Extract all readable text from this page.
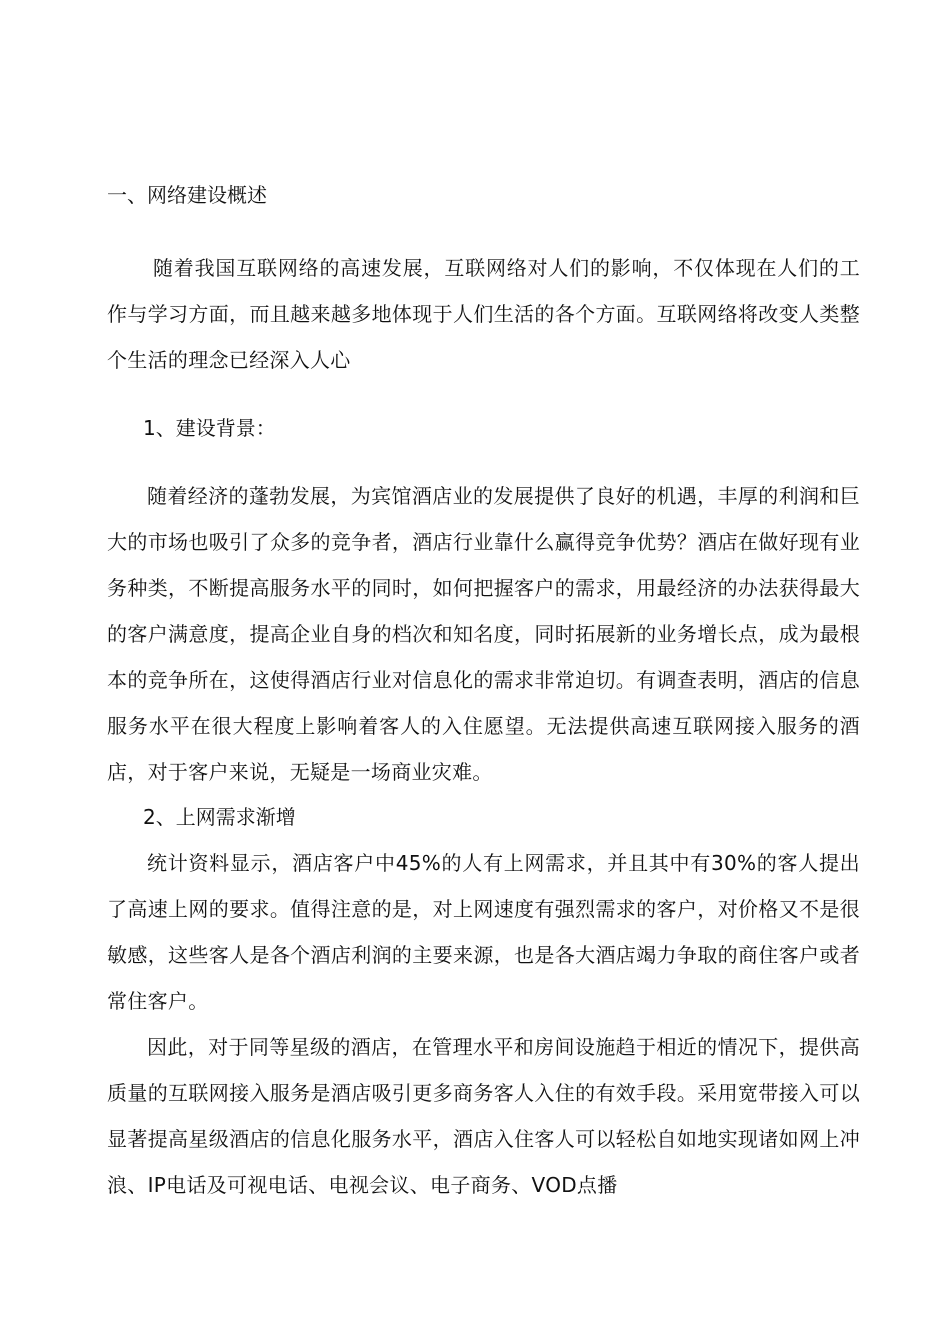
一、网络建设概述

随着我国互联网络的高速发展，互联网络对人们的影响，不仅体现在人们的工作与学习方面，而且越来越多地体现于人们生活的各个方面。互联网络将改变人类整个生活的理念已经深入人心

1、建设背景：

随着经济的蓬勃发展，为宾馆酒店业的发展提供了良好的机遇，丰厚的利润和巨大的市场也吸引了众多的竞争者，酒店行业靠什么赢得竞争优势？酒店在做好现有业务种类，不断提高服务水平的同时，如何把握客户的需求，用最经济的办法获得最大的客户满意度，提高企业自身的档次和知名度，同时拓展新的业务增长点，成为最根本的竞争所在，这使得酒店行业对信息化的需求非常迫切。有调查表明，酒店的信息服务水平在很大程度上影响着客人的入住愿望。无法提供高速互联网接入服务的酒店，对于客户来说，无疑是一场商业灾难。

2、上网需求渐增

统计资料显示，酒店客户中45%的人有上网需求，并且其中有30%的客人提出了高速上网的要求。值得注意的是，对上网速度有强烈需求的客户，对价格又不是很敏感，这些客人是各个酒店利润的主要来源，也是各大酒店竭力争取的商住客户或者常住客户。

因此，对于同等星级的酒店，在管理水平和房间设施趋于相近的情况下，提供高质量的互联网接入服务是酒店吸引更多商务客人入住的有效手段。采用宽带接入可以显著提高星级酒店的信息化服务水平，酒店入住客人可以轻松自如地实现诸如网上冲浪、IP电话及可视电话、电视会议、电子商务、VOD点播
